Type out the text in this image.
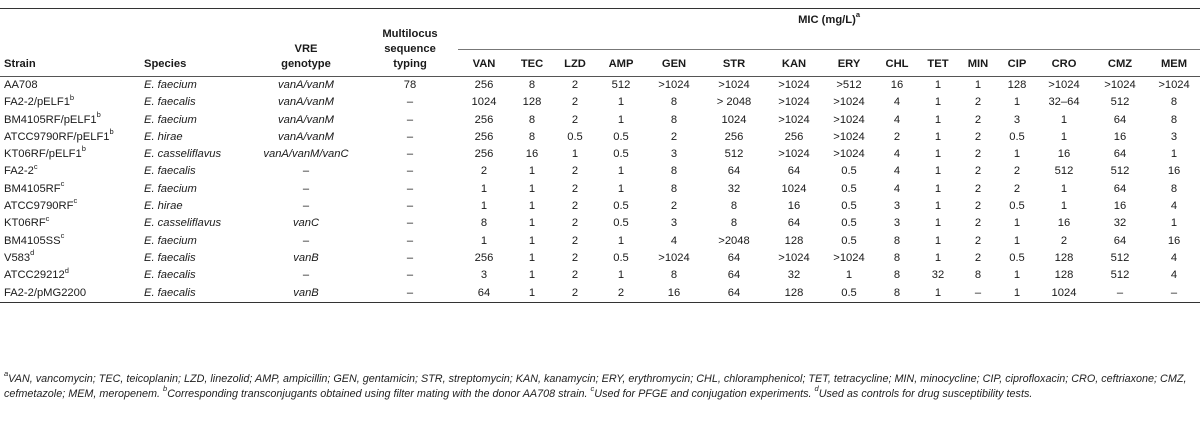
Strain	Species	VRE genotype	Multilocus sequence typing	MIC $(mg/L)^a$
				VAN	TEC	LZD	AMP	GEN	STR	KAN	ERY	CHL	TET	MIN	CIP	CRO	CMZ	MEM
AA708	E. faecium	vanA/vanM	78	256	8	2	512	>1024	>1024	>1024	>512	16	1	1	128	>1024	>1024	>1024
FA2-2/pELF1$^b$	E. faecalis	vanA/vanM	–	1024	128	2	1	8	> 2048	>1024	>1024	4	1	2	1	32–64	512	8
BM4105RF/pELF1$^b$	E. faecium	vanA/vanM	–	256	8	2	1	8	1024	>1024	>1024	4	1	2	3	1	64	8
ATCC9790RF/pELF1$^b$	E. hirae	vanA/vanM	–	256	8	0.5	0.5	2	256	256	>1024	2	1	2	0.5	1	16	3
KT06RF/pELF1$^b$	E. casseliflavus	vanA/vanM/vanC	–	256	16	1	0.5	3	512	>1024	>1024	4	1	2	1	16	64	1
FA2-2$^c$	E. faecalis	–	–	2	1	2	1	8	64	64	0.5	4	1	2	2	512	512	16
$BM4105RF^c$	E. faecium	–	–	1	1	2	1	8	32	1024	0.5	4	1	2	2	1	64	8
$ATCC9790RF^c$	E. hirae	–	–	1	1	2	0.5	2	8	16	0.5	3	1	2	0.5	1	16	4
$KT06RF^c$	E. casseliflavus	vanC	–	8	1	2	0.5	3	8	64	0.5	3	1	2	1	16	32	1
$BM4105SS^c$	E. faecium	–	–	1	1	2	1	4	>2048	128	0.5	8	1	2	1	2	64	16
V583$^d$	E. faecalis	vanB	–	256	1	2	0.5	>1024	64	>1024	>1024	8	1	2	0.5	128	512	4
ATCC29212$^d$	E. faecalis	–	–	3	1	2	1	8	64	32	1	8	32	8	1	128	512	4
FA2-2/pMG2200	E. faecalis	vanB	–	64	1	2	2	16	64	128	0.5	8	1	–	1	1024	–	–
$^a$VAN, vancomycin; TEC, teicoplanin; LZD, linezolid; AMP, ampicillin; GEN, gentamicin; STR, streptomycin; KAN, kanamycin; ERY, erythromycin; CHL, chloramphenicol; TET, tetracycline; MIN, minocycline; CIP, ciprofloxacin; CRO, ceftriaxone; CMZ, cefmetazole; MEM, meropenem. $^b$Corresponding transconjugants obtained using filter mating with the donor AA708 strain. $^c$Used for PFGE and conjugation experiments. $^d$Used as controls for drug susceptibility tests.
